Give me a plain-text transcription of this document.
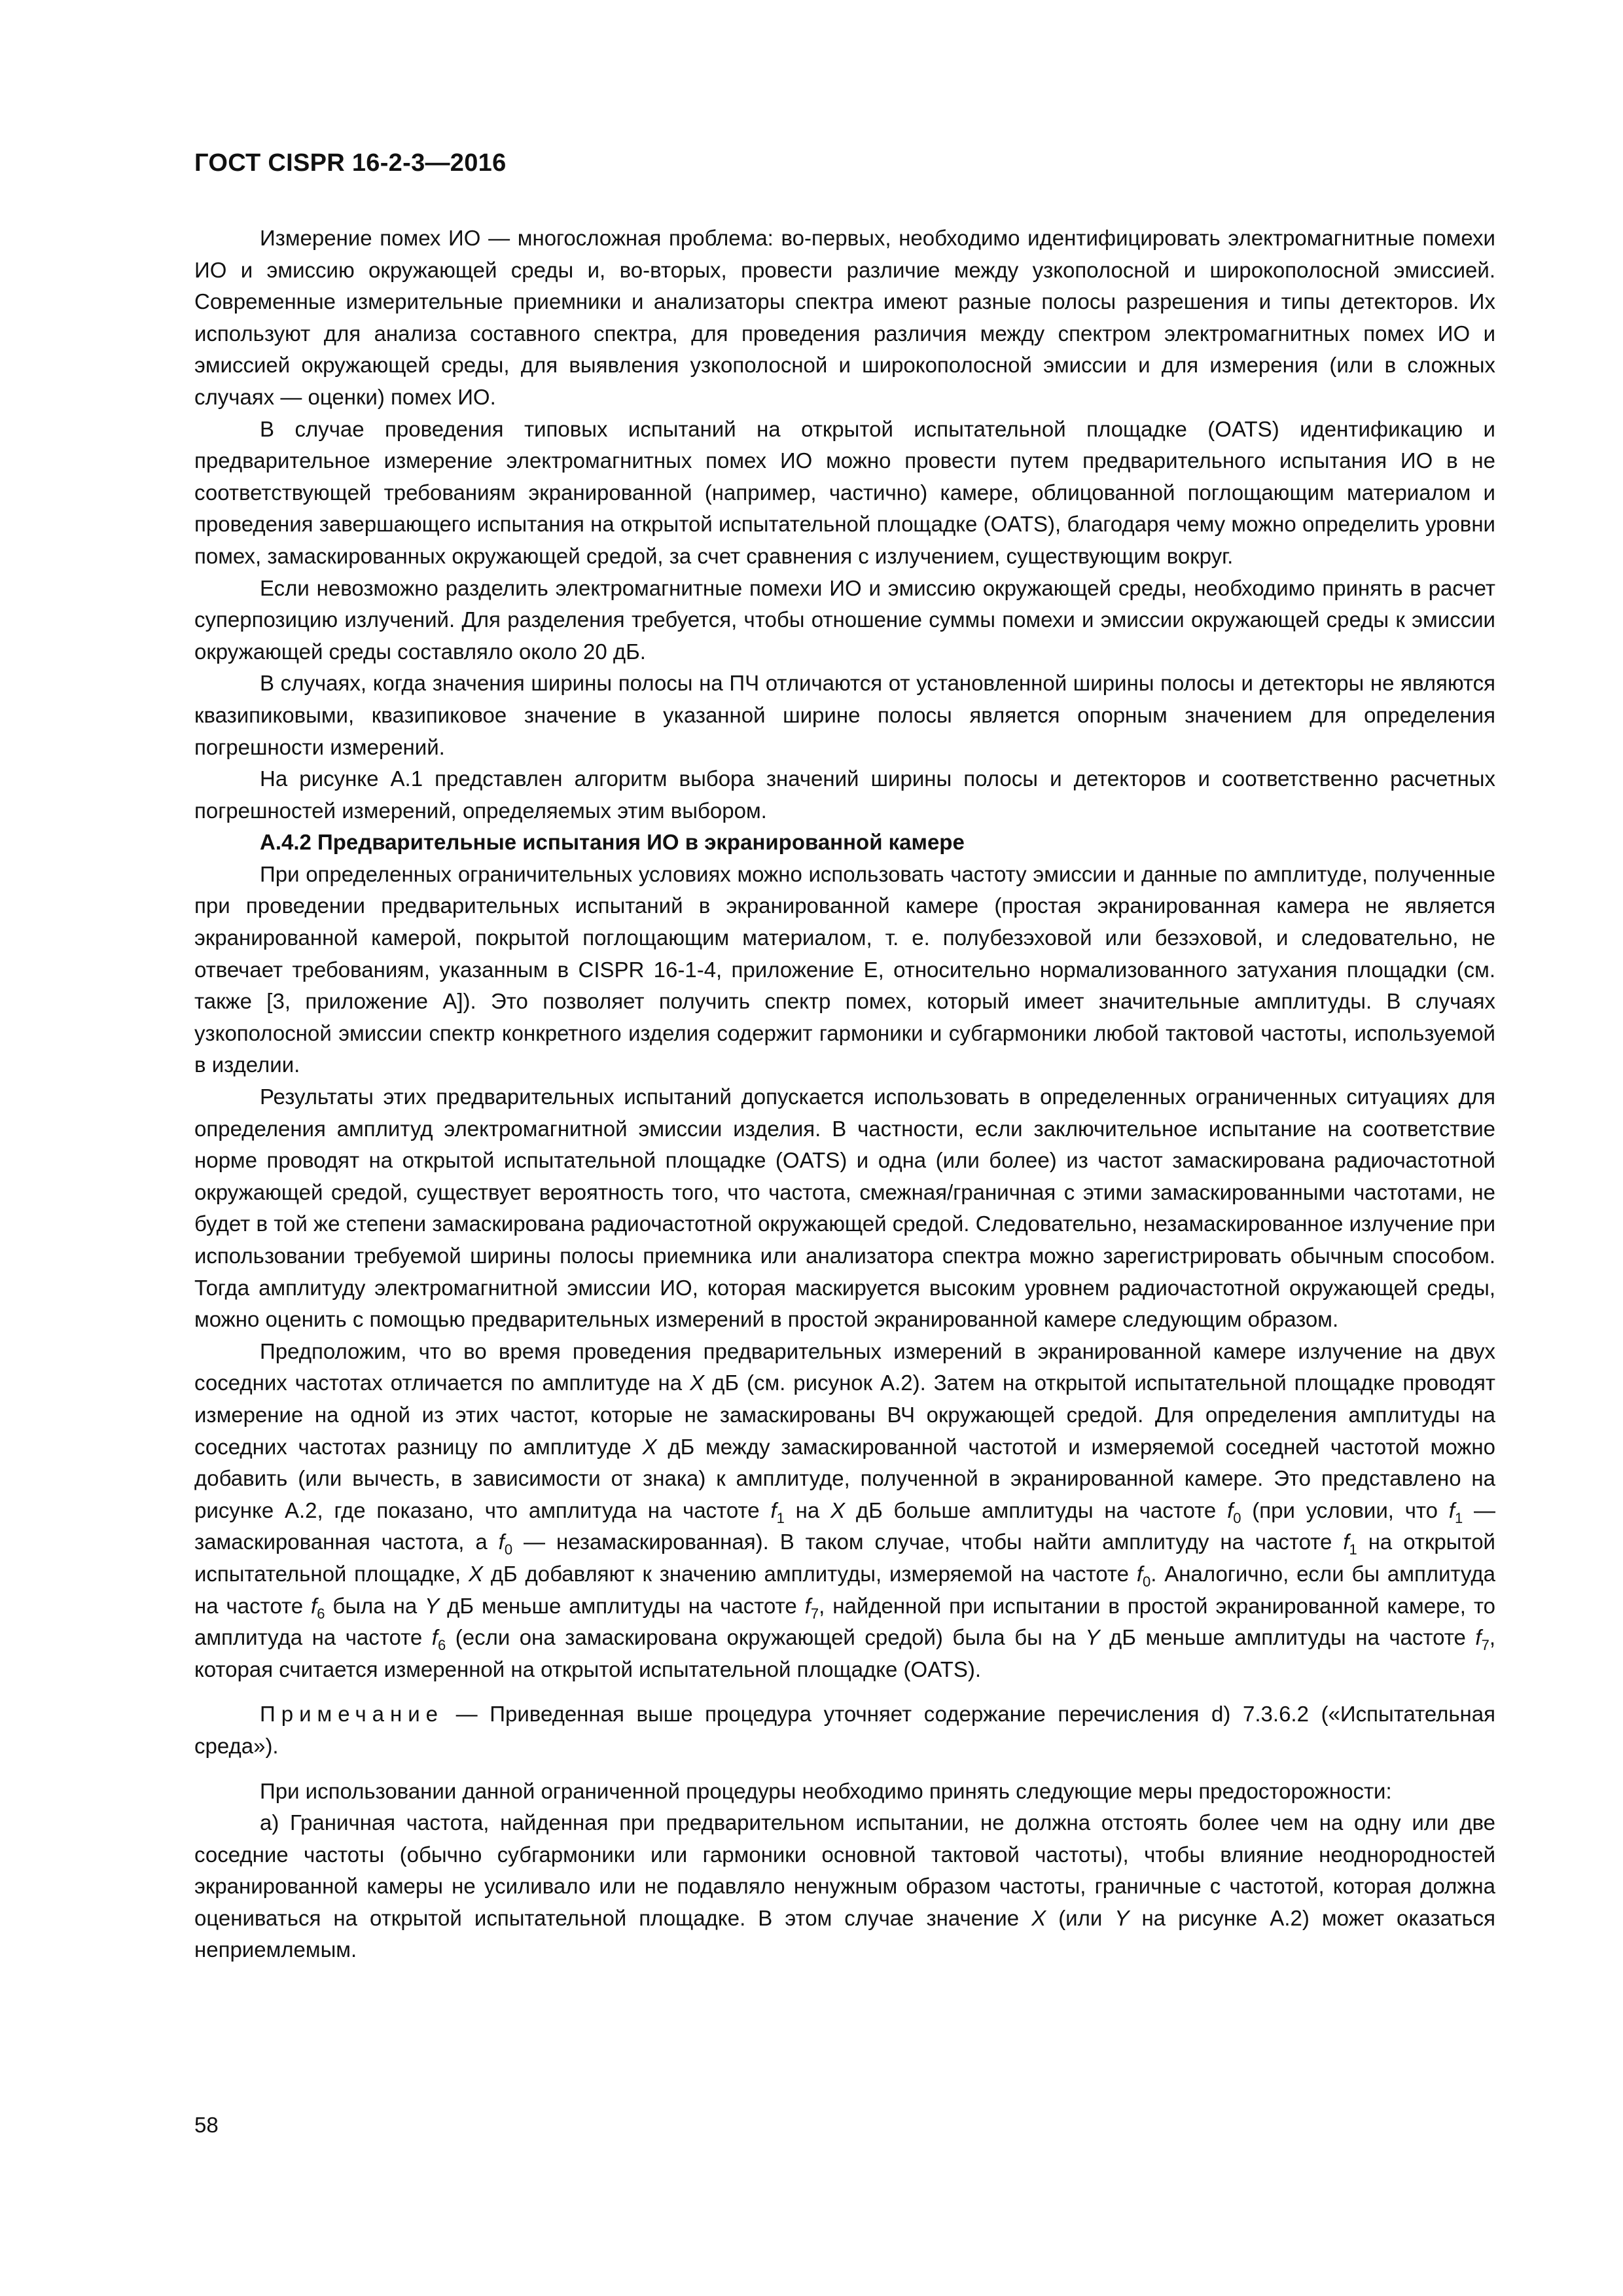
ГОСТ CISPR 16-2-3—2016

Измерение помех ИО — многосложная проблема: во-первых, необходимо идентифицировать электромагнитные помехи ИО и эмиссию окружающей среды и, во-вторых, провести различие между узкополосной и широкополосной эмиссией. Современные измерительные приемники и анализаторы спектра имеют разные полосы разрешения и типы детекторов. Их используют для анализа составного спектра, для проведения различия между спектром электромагнитных помех ИО и эмиссией окружающей среды, для выявления узкополосной и широкополосной эмиссии и для измерения (или в сложных случаях — оценки) помех ИО.

В случае проведения типовых испытаний на открытой испытательной площадке (OATS) идентификацию и предварительное измерение электромагнитных помех ИО можно провести путем предварительного испытания ИО в не соответствующей требованиям экранированной (например, частично) камере, облицованной поглощающим материалом и проведения завершающего испытания на открытой испытательной площадке (OATS), благодаря чему можно определить уровни помех, замаскированных окружающей средой, за счет сравнения с излучением, существующим вокруг.

Если невозможно разделить электромагнитные помехи ИО и эмиссию окружающей среды, необходимо принять в расчет суперпозицию излучений. Для разделения требуется, чтобы отношение суммы помехи и эмиссии окружающей среды к эмиссии окружающей среды составляло около 20 дБ.

В случаях, когда значения ширины полосы на ПЧ отличаются от установленной ширины полосы и детекторы не являются квазипиковыми, квазипиковое значение в указанной ширине полосы является опорным значением для определения погрешности измерений.

На рисунке А.1 представлен алгоритм выбора значений ширины полосы и детекторов и соответственно расчетных погрешностей измерений, определяемых этим выбором.

А.4.2 Предварительные испытания ИО в экранированной камере

При определенных ограничительных условиях можно использовать частоту эмиссии и данные по амплитуде, полученные при проведении предварительных испытаний в экранированной камере (простая экранированная камера не является экранированной камерой, покрытой поглощающим материалом, т. е. полубезэховой или безэховой, и следовательно, не отвечает требованиям, указанным в CISPR 16-1-4, приложение E, относительно нормализованного затухания площадки (см. также [3, приложение А]). Это позволяет получить спектр помех, который имеет значительные амплитуды. В случаях узкополосной эмиссии спектр конкретного изделия содержит гармоники и субгармоники любой тактовой частоты, используемой в изделии.

Результаты этих предварительных испытаний допускается использовать в определенных ограниченных ситуациях для определения амплитуд электромагнитной эмиссии изделия. В частности, если заключительное испытание на соответствие норме проводят на открытой испытательной площадке (OATS) и одна (или более) из частот замаскирована радиочастотной окружающей средой, существует вероятность того, что частота, смежная/граничная с этими замаскированными частотами, не будет в той же степени замаскирована радиочастотной окружающей средой. Следовательно, незамаскированное излучение при использовании требуемой ширины полосы приемника или анализатора спектра можно зарегистрировать обычным способом. Тогда амплитуду электромагнитной эмиссии ИО, которая маскируется высоким уровнем радиочастотной окружающей среды, можно оценить с помощью предварительных измерений в простой экранированной камере следующим образом.

Предположим, что во время проведения предварительных измерений в экранированной камере излучение на двух соседних частотах отличается по амплитуде на X дБ (см. рисунок А.2). Затем на открытой испытательной площадке проводят измерение на одной из этих частот, которые не замаскированы ВЧ окружающей средой. Для определения амплитуды на соседних частотах разницу по амплитуде X дБ между замаскированной частотой и измеряемой соседней частотой можно добавить (или вычесть, в зависимости от знака) к амплитуде, полученной в экранированной камере. Это представлено на рисунке А.2, где показано, что амплитуда на частоте $f_1$ на X дБ больше амплитуды на частоте $f_0$ (при условии, что $f_1$ — замаскированная частота, а $f_0$ — незамаскированная). В таком случае, чтобы найти амплитуду на частоте $f_1$ на открытой испытательной площадке, X дБ добавляют к значению амплитуды, измеряемой на частоте $f_0$. Аналогично, если бы амплитуда на частоте $f_6$ была на Y дБ меньше амплитуды на частоте $f_7$, найденной при испытании в простой экранированной камере, то амплитуда на частоте $f_6$ (если она замаскирована окружающей средой) была бы на Y дБ меньше амплитуды на частоте $f_7$, которая считается измеренной на открытой испытательной площадке (OATS).

Примечание — Приведенная выше процедура уточняет содержание перечисления d) 7.3.6.2 («Испытательная среда»).

При использовании данной ограниченной процедуры необходимо принять следующие меры предосторожности:

a) Граничная частота, найденная при предварительном испытании, не должна отстоять более чем на одну или две соседние частоты (обычно субгармоники или гармоники основной тактовой частоты), чтобы влияние неоднородностей экранированной камеры не усиливало или не подавляло ненужным образом частоты, граничные с частотой, которая должна оцениваться на открытой испытательной площадке. В этом случае значение X (или Y на рисунке А.2) может оказаться неприемлемым.

58
